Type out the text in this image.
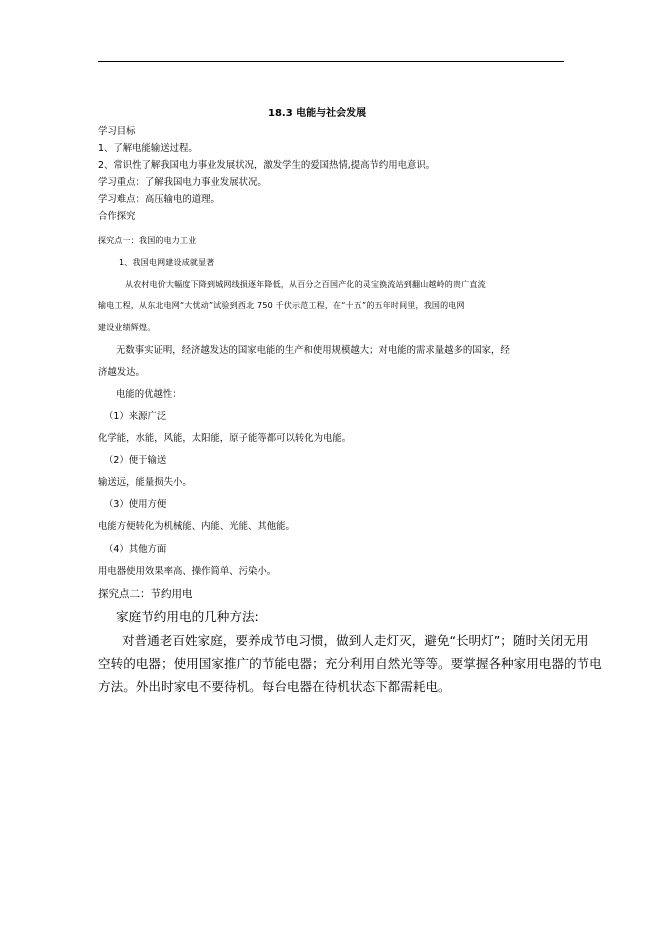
18.3 电能与社会发展
学习目标
1、了解电能输送过程。
2、常识性了解我国电力事业发展状况，激发学生的爱国热情,提高节约用电意识。
学习重点：了解我国电力事业发展状况。
学习难点：高压输电的道理。
合作探究
探究点一：我国的电力工业
1、我国电网建设成就显著
从农村电价大幅度下降到城网线损逐年降低，从百分之百国产化的灵宝换流站到翻山越岭的贵广直流
输电工程，从东北电网“大忧动”试验到西北 750 千伏示范工程，在“十五”的五年时间里，我国的电网
建设业绩辉煌。
无数事实证明，经济越发达的国家电能的生产和使用规模越大；对电能的需求量越多的国家，经
济越发达。
电能的优越性：
（1）来源广泛
化学能，水能，风能，太阳能，原子能等都可以转化为电能。
（2）便于输送
输送远，能量损失小。
（3）使用方便
电能方便转化为机械能、内能、光能、其他能。
（4）其他方面
用电器使用效果率高、操作简单、污染小。
探究点二：节约用电
家庭节约用电的几种方法:
对普通老百姓家庭，要养成节电习惯，做到人走灯灭，避免“长明灯”；随时关闭无用
空转的电器；使用国家推广的节能电器；充分利用自然光等等。要掌握各种家用电器的节电
方法。外出时家电不要待机。每台电器在待机状态下都需耗电。
